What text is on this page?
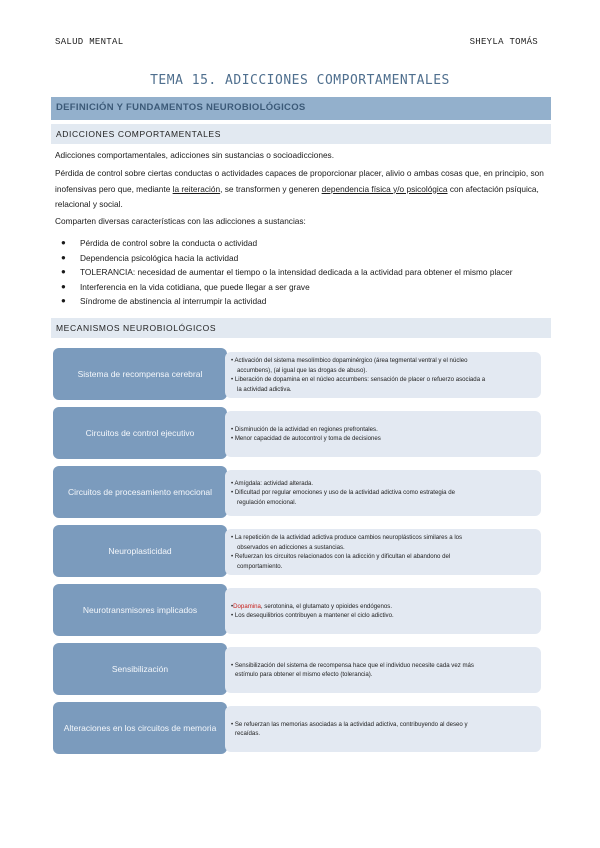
SALUD MENTAL	SHEYLA TOMÁS
TEMA 15. ADICCIONES COMPORTAMENTALES
DEFINICIÓN Y FUNDAMENTOS NEUROBIOLÓGICOS
ADICCIONES COMPORTAMENTALES
Adicciones comportamentales, adicciones sin sustancias o socioadicciones.
Pérdida de control sobre ciertas conductas o actividades capaces de proporcionar placer, alivio o ambas cosas que, en principio, son inofensivas pero que, mediante la reiteración, se transformen y generen dependencia física y/o psicológica con afectación psíquica, relacional y social.
Comparten diversas características con las adicciones a sustancias:
● Pérdida de control sobre la conducta o actividad
● Dependencia psicológica hacia la actividad
● TOLERANCIA: necesidad de aumentar el tiempo o la intensidad dedicada a la actividad para obtener el mismo placer
● Interferencia en la vida cotidiana, que puede llegar a ser grave
● Síndrome de abstinencia al interrumpir la actividad
MECANISMOS NEUROBIOLÓGICOS
Sistema de recompensa cerebral
• Activación del sistema mesolímbico dopaminérgico (área tegmental ventral y el núcleo
accumbens), (al igual que las drogas de abuso).
• Liberación de dopamina en el núcleo accumbens: sensación de placer o refuerzo asociada a
la actividad adictiva.
Circuitos de control ejecutivo	• Disminución de la actividad en regiones prefrontales.
• Menor capacidad de autocontrol y toma de decisiones
Circuitos de procesamiento emocional
• Amígdala: actividad alterada.
• Dificultad por regular emociones y uso de la actividad adictiva como estrategia de
regulación emocional.
Neuroplasticidad
• La repetición de la actividad adictiva produce cambios neuroplásticos similares a los
observados en adicciones a sustancias.
• Refuerzan los circuitos relacionados con la adicción y dificultan el abandono del
comportamiento.
Neurotransmisores implicados	•Dopamina, serotonina, el glutamato y opioides endógenos.
• Los desequilibrios contribuyen a mantener el ciclo adictivo.
Sensibilización	• Sensibilización del sistema de recompensa hace que el individuo necesite cada vez más
estímulo para obtener el mismo efecto (tolerancia).
Alteraciones en los circuitos de memoria	• Se refuerzan las memorias asociadas a la actividad adictiva, contribuyendo al deseo y
recaídas.
